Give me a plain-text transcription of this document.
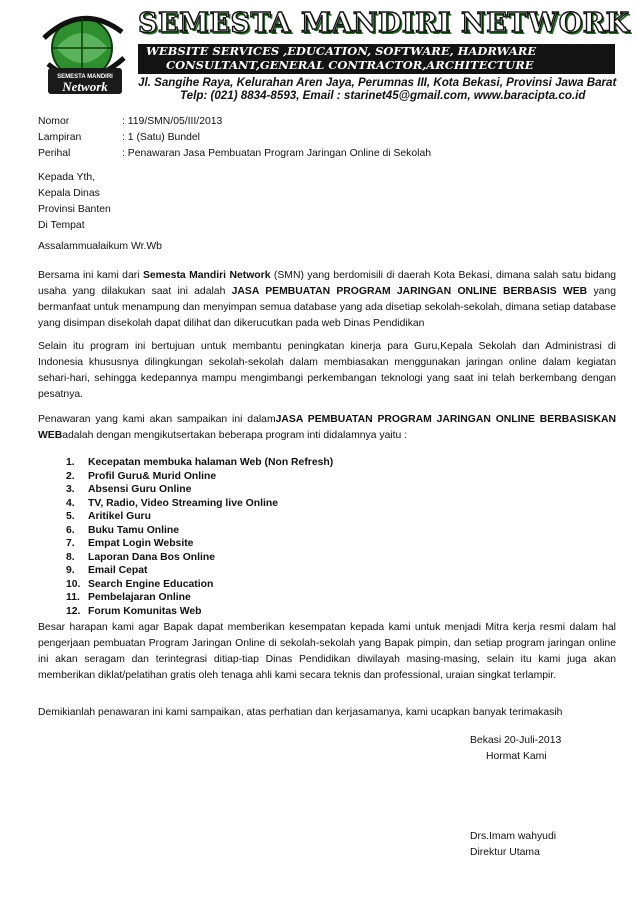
SEMESTA MANDIRI
Network
SEMESTA MANDIRI NETWORK
WEBSITE SERVICES ,EDUCATION, SOFTWARE, HADRWARE
CONSULTANT,GENERAL CONTRACTOR,ARCHITECTURE
Jl. Sangihe Raya, Kelurahan Aren Jaya, Perumnas III, Kota Bekasi, Provinsi Jawa Barat
Telp: (021) 8834-8593, Email : starinet45@gmail.com, www.baracipta.co.id
Nomor	: 119/SMN/05/III/2013
Lampiran	: 1 (Satu) Bundel
Perihal	: Penawaran Jasa Pembuatan Program Jaringan Online di Sekolah
Kepada Yth,
Kepala Dinas
Provinsi Banten
Di Tempat
Assalammualaikum Wr.Wb
Bersama ini kami dari Semesta Mandiri Network (SMN) yang berdomisili di daerah Kota Bekasi, dimana salah satu bidang usaha yang dilakukan saat ini adalah JASA PEMBUATAN PROGRAM JARINGAN ONLINE BERBASIS WEB yang bermanfaat untuk menampung dan menyimpan semua database yang ada disetiap sekolah-sekolah, dimana setiap database yang disimpan disekolah dapat dilihat dan dikerucutkan pada web Dinas Pendidikan
Selain itu program ini bertujuan untuk membantu peningkatan kinerja para Guru,Kepala Sekolah dan Administrasi di Indonesia khususnya dilingkungan sekolah-sekolah dalam membiasakan menggunakan jaringan online dalam kegiatan sehari-hari, sehingga kedepannya mampu mengimbangi perkembangan teknologi yang saat ini telah berkembang dengan pesatnya.
Penawaran yang kami akan sampaikan ini dalamJASA PEMBUATAN PROGRAM JARINGAN ONLINE BERBASISKAN WEBadalah dengan mengikutsertakan beberapa program inti didalamnya yaitu :
1. Kecepatan membuka halaman Web (Non Refresh)
2. Profil Guru& Murid Online
3. Absensi Guru Online
4. TV, Radio, Video Streaming live Online
5. Aritikel Guru
6. Buku Tamu Online
7. Empat Login Website
8. Laporan Dana Bos Online
9. Email Cepat
10. Search Engine Education
11. Pembelajaran Online
12. Forum Komunitas Web
Besar harapan kami agar Bapak dapat memberikan kesempatan kepada kami untuk menjadi Mitra kerja resmi dalam hal pengerjaan pembuatan Program Jaringan Online di sekolah-sekolah yang Bapak pimpin, dan setiap program jaringan online ini akan seragam dan terintegrasi ditiap-tiap Dinas Pendidikan diwilayah masing-masing, selain itu kami juga akan memberikan diklat/pelatihan gratis oleh tenaga ahli kami secara teknis dan professional, uraian singkat terlampir.
Demikianlah penawaran ini kami sampaikan, atas perhatian dan kerjasamanya, kami ucapkan banyak terimakasih
Bekasi 20-Juli-2013
Hormat Kami
Drs.Imam wahyudi
Direktur Utama
